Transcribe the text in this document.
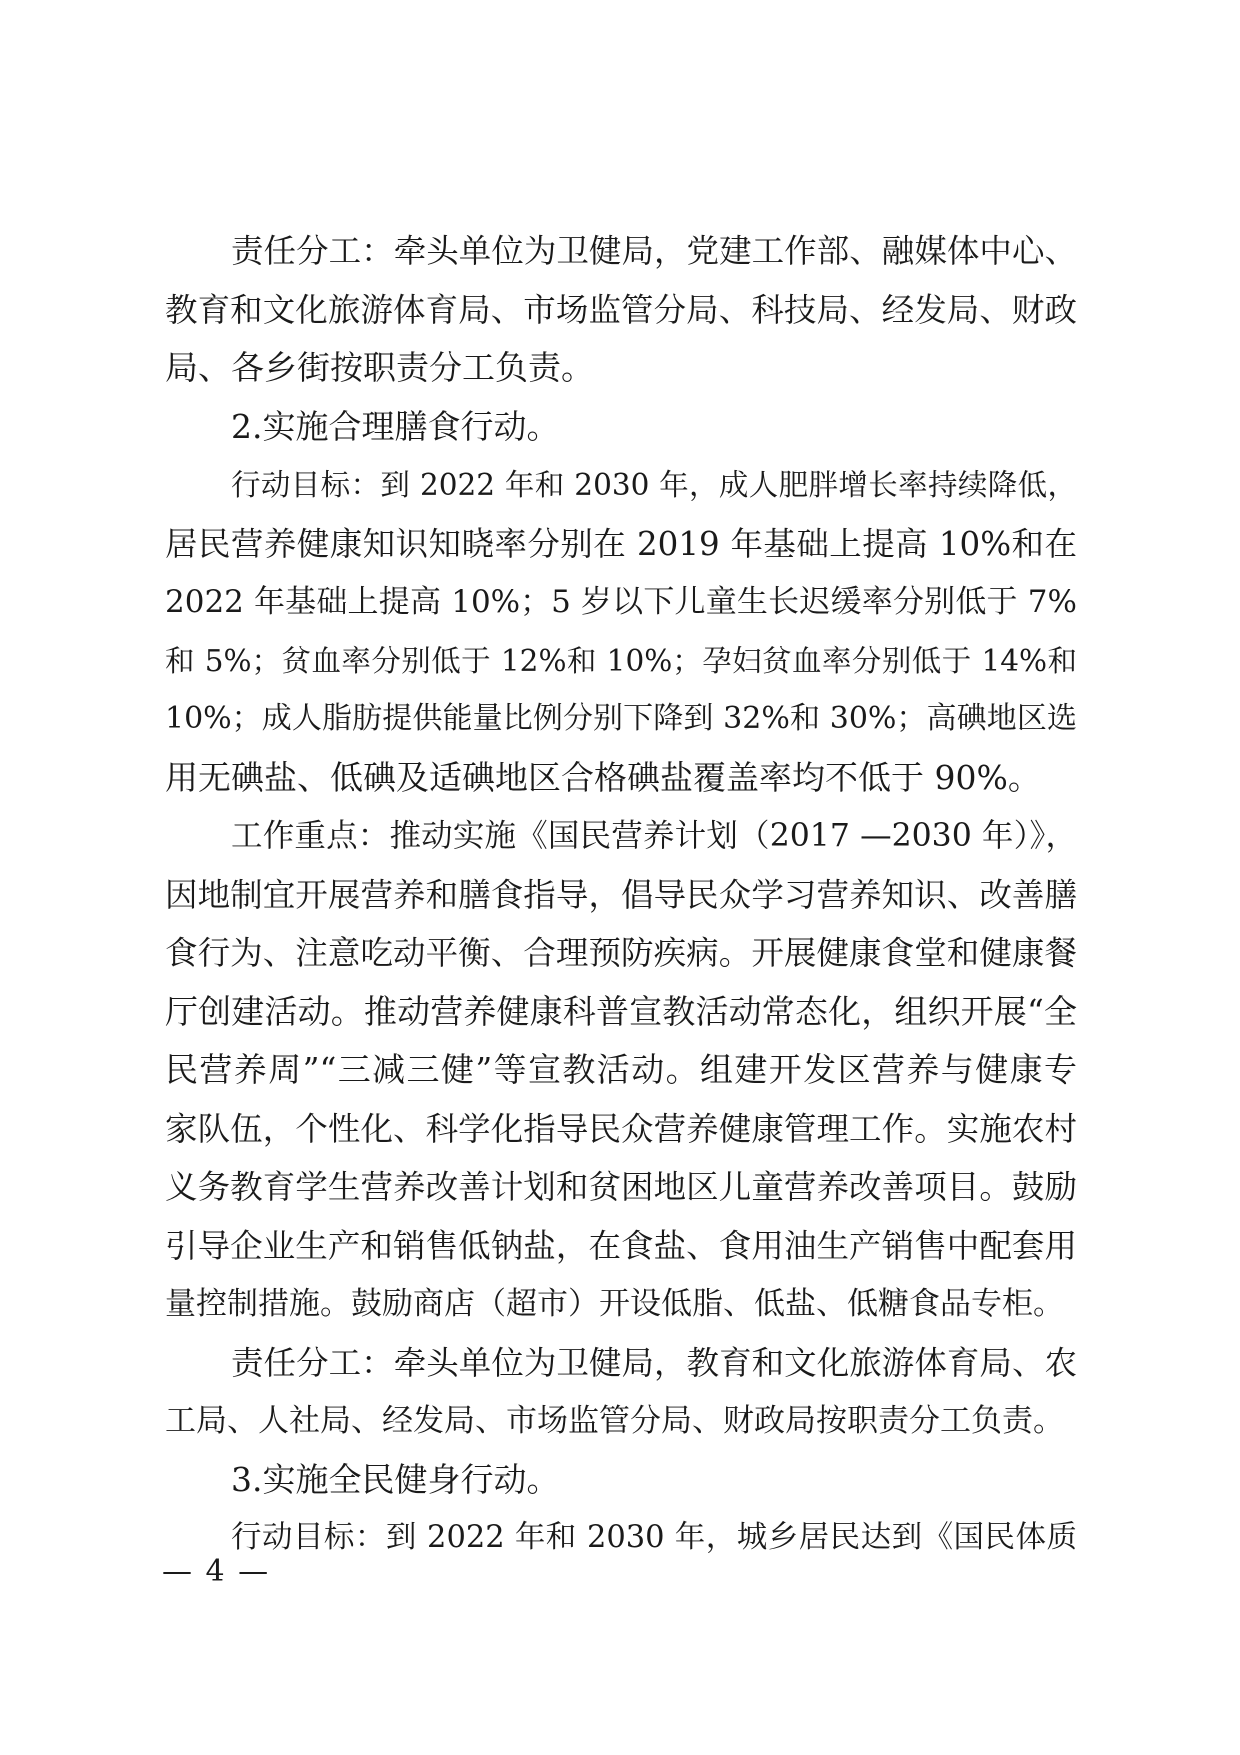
责任分工：牵头单位为卫健局，党建工作部、融媒体中心、
教育和文化旅游体育局、市场监管分局、科技局、经发局、财政
局、各乡街按职责分工负责。
2.实施合理膳食行动。
行动目标：到 2022 年和 2030 年，成人肥胖增长率持续降低，
居民营养健康知识知晓率分别在 2019 年基础上提高 10%和在
2022 年基础上提高 10%；5 岁以下儿童生长迟缓率分别低于 7%
和 5%；贫血率分别低于 12%和 10%；孕妇贫血率分别低于 14%和
10%；成人脂肪提供能量比例分别下降到 32%和 30%；高碘地区选
用无碘盐、低碘及适碘地区合格碘盐覆盖率均不低于 90%。
工作重点：推动实施《国民营养计划（2017 —2030 年）》，
因地制宜开展营养和膳食指导，倡导民众学习营养知识、改善膳
食行为、注意吃动平衡、合理预防疾病。开展健康食堂和健康餐
厅创建活动。推动营养健康科普宣教活动常态化，组织开展“全
民营养周”“三减三健”等宣教活动。组建开发区营养与健康专
家队伍，个性化、科学化指导民众营养健康管理工作。实施农村
义务教育学生营养改善计划和贫困地区儿童营养改善项目。鼓励
引导企业生产和销售低钠盐，在食盐、食用油生产销售中配套用
量控制措施。鼓励商店（超市）开设低脂、低盐、低糖食品专柜。
责任分工：牵头单位为卫健局，教育和文化旅游体育局、农
工局、人社局、经发局、市场监管分局、财政局按职责分工负责。
3.实施全民健身行动。
行动目标：到 2022 年和 2030 年，城乡居民达到《国民体质
— 4 —
